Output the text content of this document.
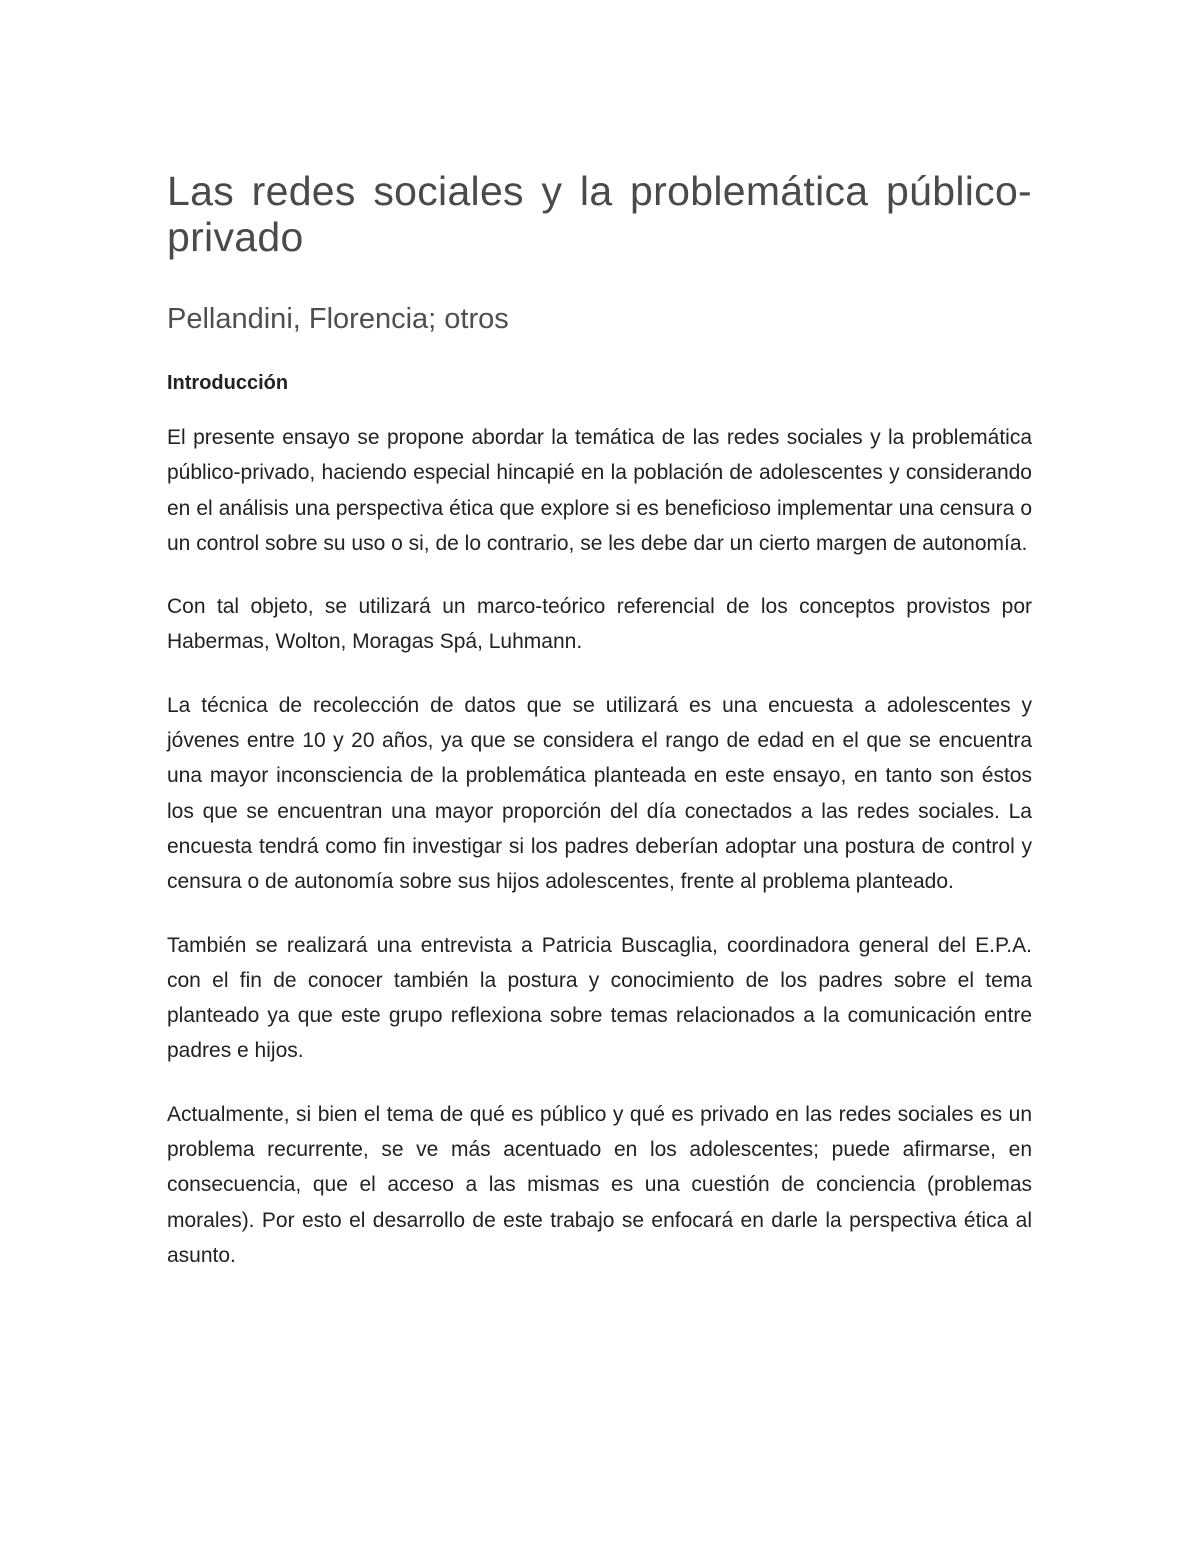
Las redes sociales y la problemática público-privado
Pellandini, Florencia; otros
Introducción

El presente ensayo se propone abordar la temática de las redes sociales y la problemática público-privado, haciendo especial hincapié en la población de adolescentes y considerando en el análisis una perspectiva ética que explore si es beneficioso implementar una censura o un control sobre su uso o si, de lo contrario, se les debe dar un cierto margen de autonomía.

Con tal objeto, se utilizará un marco-teórico referencial de los conceptos provistos por Habermas, Wolton, Moragas Spá, Luhmann.

La técnica de recolección de datos que se utilizará es una encuesta a adolescentes y jóvenes entre 10 y 20 años, ya que se considera el rango de edad en el que se encuentra una mayor inconsciencia de la problemática planteada en este ensayo, en tanto son éstos los que se encuentran una mayor proporción del día conectados a las redes sociales. La encuesta tendrá como fin investigar si los padres deberían adoptar una postura de control y censura o de autonomía sobre sus hijos adolescentes, frente al problema planteado.

También se realizará una entrevista a Patricia Buscaglia, coordinadora general del E.P.A. con el fin de conocer también la postura y conocimiento de los padres sobre el tema planteado ya que este grupo reflexiona sobre temas relacionados a la comunicación entre padres e hijos.

Actualmente, si bien el tema de qué es público y qué es privado en las redes sociales es un problema recurrente, se ve más acentuado en los adolescentes; puede afirmarse, en consecuencia, que el acceso a las mismas es una cuestión de conciencia (problemas morales). Por esto el desarrollo de este trabajo se enfocará en darle la perspectiva ética al asunto.
